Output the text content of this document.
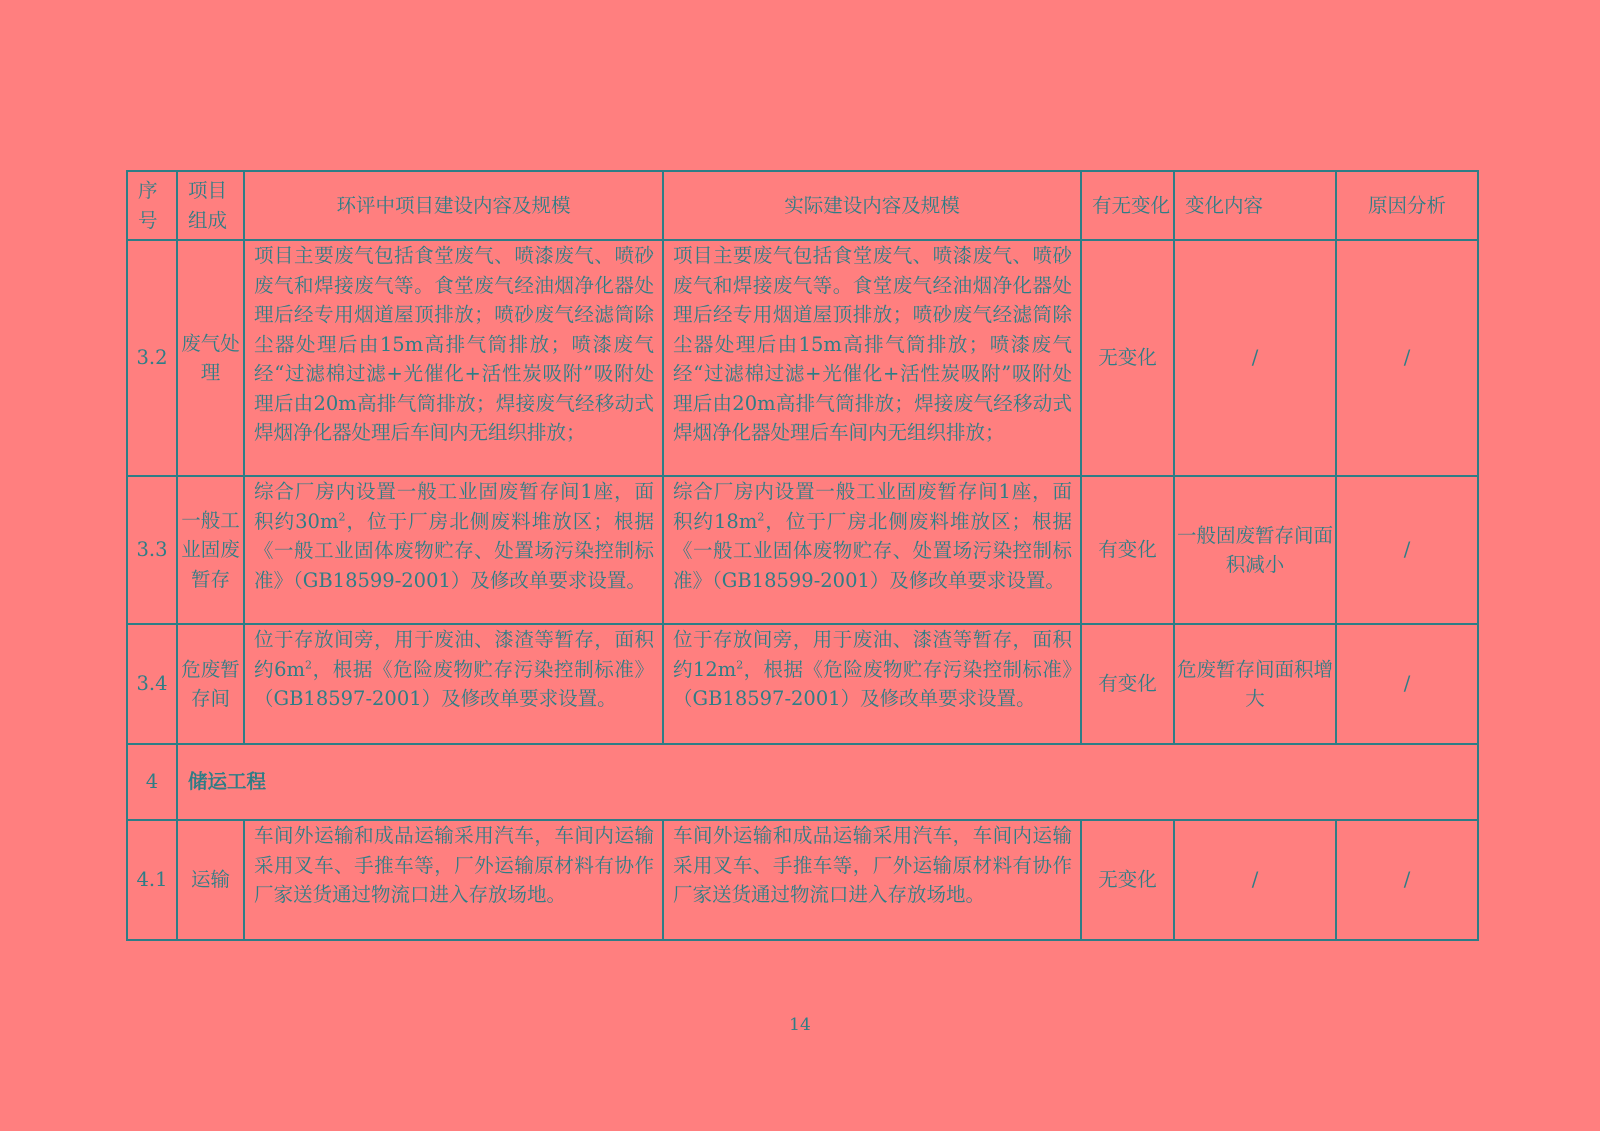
序号	项目组成	环评中项目建设内容及规模	实际建设内容及规模	有无变化	变化内容	原因分析
3.2	废气处理	项目主要废气包括食堂废气、喷漆废气、喷砂废气和焊接废气等。食堂废气经油烟净化器处理后经专用烟道屋顶排放；喷砂废气经滤筒除尘器处理后由15m高排气筒排放；喷漆废气经“过滤棉过滤+光催化+活性炭吸附”吸附处理后由20m高排气筒排放；焊接废气经移动式焊烟净化器处理后车间内无组织排放；	项目主要废气包括食堂废气、喷漆废气、喷砂废气和焊接废气等。食堂废气经油烟净化器处理后经专用烟道屋顶排放；喷砂废气经滤筒除尘器处理后由15m高排气筒排放；喷漆废气经“过滤棉过滤+光催化+活性炭吸附”吸附处理后由20m高排气筒排放；焊接废气经移动式焊烟净化器处理后车间内无组织排放；	无变化	/	/
3.3	一般工业固废暂存	综合厂房内设置一般工业固废暂存间1座，面积约$30m^2$，位于厂房北侧废料堆放区；根据《一般工业固体废物贮存、处置场污染控制标准》（GB18599-2001）及修改单要求设置。	综合厂房内设置一般工业固废暂存间1座，面积约$18m^2$，位于厂房北侧废料堆放区；根据《一般工业固体废物贮存、处置场污染控制标准》（GB18599-2001）及修改单要求设置。	有变化	一般固废暂存间面积减小	/
3.4	危废暂存间	位于存放间旁，用于废油、漆渣等暂存，面积约$6m^2$，根据《危险废物贮存污染控制标准》（GB18597-2001）及修改单要求设置。	位于存放间旁，用于废油、漆渣等暂存，面积约$12m^2$，根据《危险废物贮存污染控制标准》（GB18597-2001）及修改单要求设置。	有变化	危废暂存间面积增大	/
4	储运工程					
4.1	运输	车间外运输和成品运输采用汽车，车间内运输采用叉车、手推车等，厂外运输原材料有协作厂家送货通过物流口进入存放场地。	车间外运输和成品运输采用汽车，车间内运输采用叉车、手推车等，厂外运输原材料有协作厂家送货通过物流口进入存放场地。	无变化	/	/
14
